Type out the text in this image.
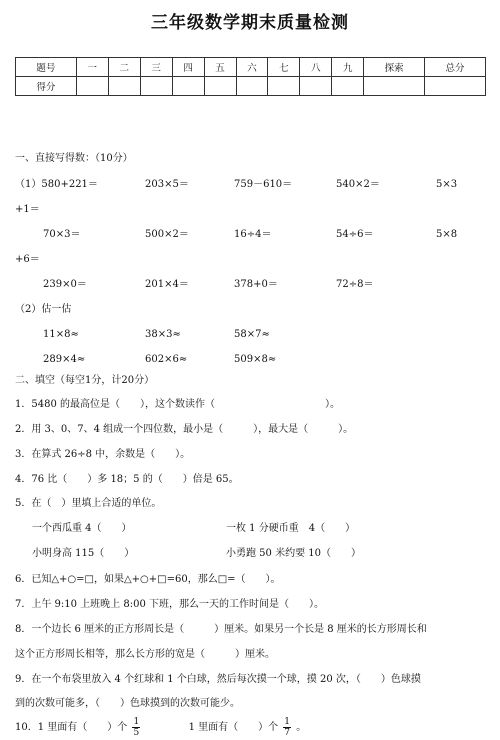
三年级数学期末质量检测
题号	一	二	三	四	五	六	七	八	九	探索	总分
得分											
一、直接写得数：（10分）
（1）580+221＝	203×5＝	759－610＝	540×2＝	5×3
+1＝
70×3＝	500×2＝	16÷4＝	54÷6＝	5×8
+6＝
239×0＝	201×4＝	378+0＝	72÷8＝
（2）估一估
11×8≈	38×3≈	58×7≈
289×4≈	602×6≈	509×8≈
二、填空（每空1分，计20分）
1．5480 的最高位是（　　），这个数读作（　　　　　　　　　　　）。
2．用 3、0、7、4 组成一个四位数，最小是（　　　），最大是（　　　）。
3．在算式 26÷8 中，余数是（　　）。
4．76 比（　　）多 18；5 的（　　）倍是 65。
5．在（　）里填上合适的单位。
一个西瓜重 4（　　）	一枚 1 分硬币重　4（　　）
小明身高 115（　　）	小勇跑 50 米约要 10（　　）
6．已知△+○=□，如果△+○+□=60，那么□=（　　）。
7．上午 9:10 上班晚上 8:00 下班，那么一天的工作时间是（　　）。
8．一个边长 6 厘米的正方形周长是（　　　）厘米。如果另一个长是 8 厘米的长方形周长和
这个正方形周长相等，那么长方形的宽是（　　　）厘米。
9．在一个布袋里放入 4 个红球和 1 个白球，然后每次摸一个球，摸 20 次，（　　）色球摸
到的次数可能多，（　　）色球摸到的次数可能少。
10．1 里面有（　　）个 $\frac{1}{5}$	1 里面有（　　）个 $\frac{1}{7}$ 。
